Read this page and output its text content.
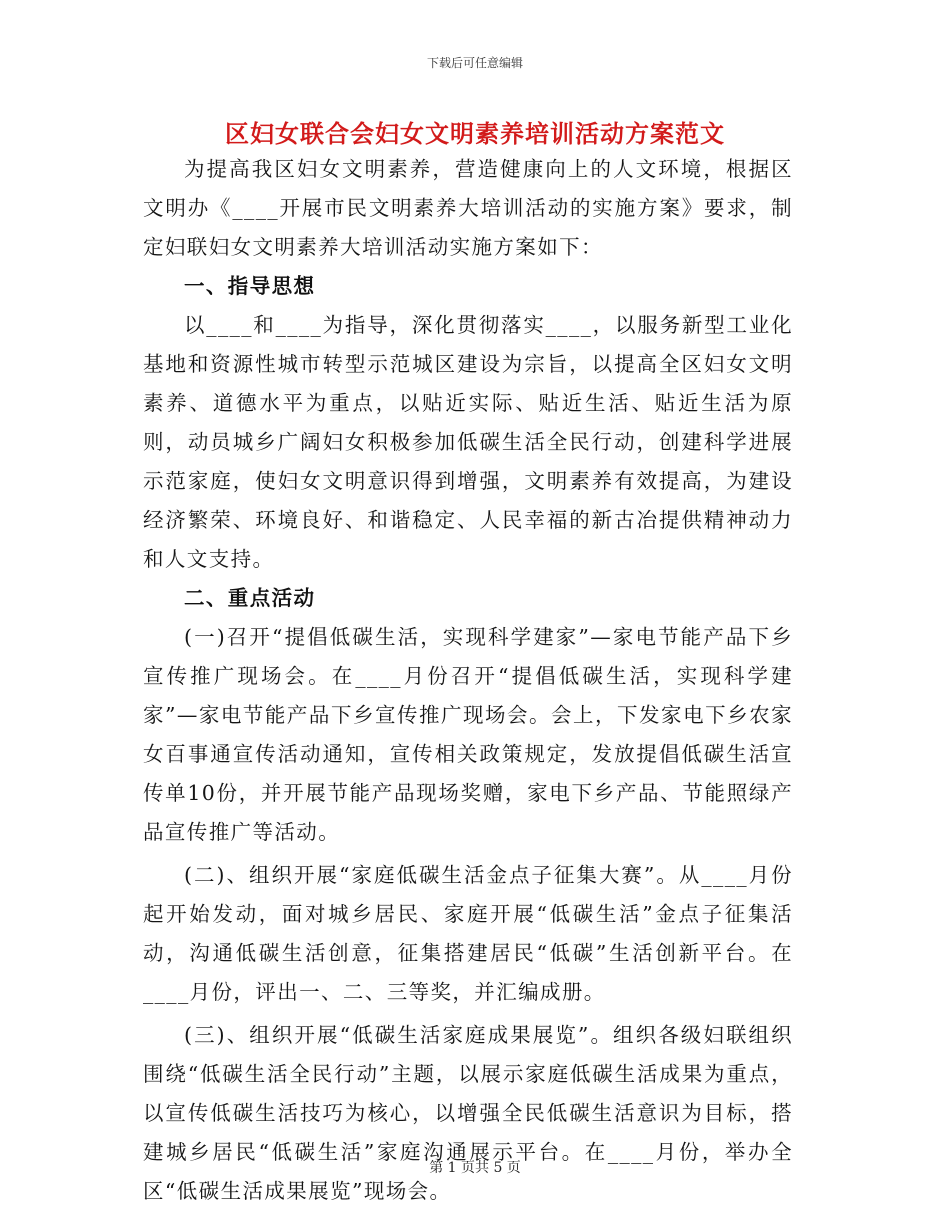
下载后可任意编辑
区妇女联合会妇女文明素养培训活动方案范文

为提高我区妇女文明素养，营造健康向上的人文环境，根据区文明办《____开展市民文明素养大培训活动的实施方案》要求，制定妇联妇女文明素养大培训活动实施方案如下：

一、指导思想

以____和____为指导，深化贯彻落实____，以服务新型工业化基地和资源性城市转型示范城区建设为宗旨，以提高全区妇女文明素养、道德水平为重点，以贴近实际、贴近生活、贴近生活为原则，动员城乡广阔妇女积极参加低碳生活全民行动，创建科学进展示范家庭，使妇女文明意识得到增强，文明素养有效提高，为建设经济繁荣、环境良好、和谐稳定、人民幸福的新古冶提供精神动力和人文支持。

二、重点活动

(一)召开“提倡低碳生活，实现科学建家”—家电节能产品下乡宣传推广现场会。在____月份召开“提倡低碳生活，实现科学建家”—家电节能产品下乡宣传推广现场会。会上，下发家电下乡农家女百事通宣传活动通知，宣传相关政策规定，发放提倡低碳生活宣传单10份，并开展节能产品现场奖赠，家电下乡产品、节能照绿产品宣传推广等活动。

(二)、组织开展“家庭低碳生活金点子征集大赛”。从____月份起开始发动，面对城乡居民、家庭开展“低碳生活”金点子征集活动，沟通低碳生活创意，征集搭建居民“低碳”生活创新平台。在____月份，评出一、二、三等奖，并汇编成册。

(三)、组织开展“低碳生活家庭成果展览”。组织各级妇联组织围绕“低碳生活全民行动”主题，以展示家庭低碳生活成果为重点，以宣传低碳生活技巧为核心，以增强全民低碳生活意识为目标，搭建城乡居民“低碳生活”家庭沟通展示平台。在____月份，举办全区“低碳生活成果展览”现场会。

第 1 页共 5 页
